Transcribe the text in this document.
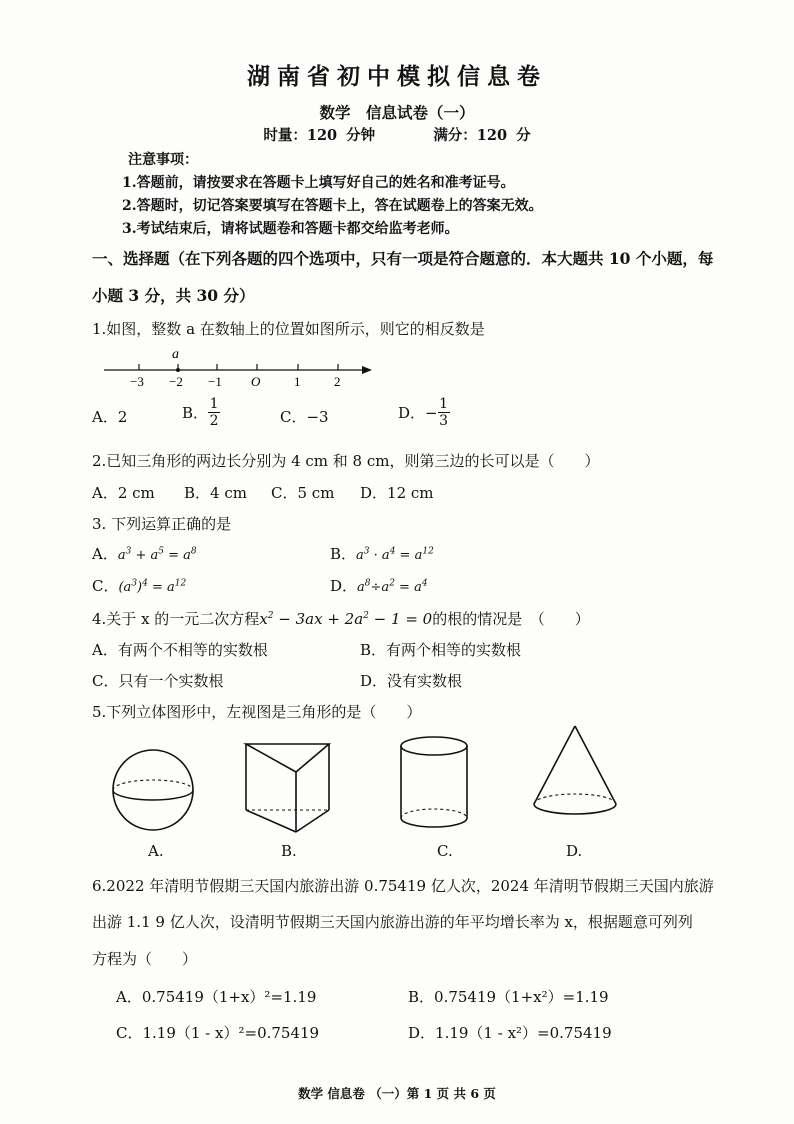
湖南省初中模拟信息卷
数学　信息试卷（一）
时量：120 分钟	满分：120 分
注意事项：
1.答题前，请按要求在答题卡上填写好自己的姓名和准考证号。
2.答题时，切记答案要填写在答题卡上，答在试题卷上的答案无效。
3.考试结束后，请将试题卷和答题卡都交给监考老师。
一、选择题（在下列各题的四个选项中，只有一项是符合题意的．本大题共 10 个小题，每
小题 3 分，共 30 分）
1.如图，整数 a 在数轴上的位置如图所示，则它的相反数是
a
−3 −2 −1 O	1	2
A．2	B． $\frac{1}{2}$	C．−3	D．− $\frac{1}{3}$
2.已知三角形的两边长分别为 4 cm 和 8 cm，则第三边的长可以是（　　）
A．2 cm B．4 cm C．5 cm D．12 cm
3. 下列运算正确的是
A．$a^3 + a^5 = a^8$	B．$a^3 \cdot a^4 = a^{12}$
C．$(a^3)^4 = a^{12}$	D．$a^8\div a^2 = a^4$
4.关于 x 的一元二次方程$x^2 - 3ax + 2a^2 - 1 = 0$的根的情况是　（　　）
A．有两个不相等的实数根	B．有两个相等的实数根
C．只有一个实数根	D．没有实数根
5.下列立体图形中，左视图是三角形的是（　　）
A.	B.	C.	D.
6.2022 年清明节假期三天国内旅游出游 0.75419 亿人次，2024 年清明节假期三天国内旅游
出游 1.1 9 亿人次，设清明节假期三天国内旅游出游的年平均增长率为 x，根据题意可列列
方程为（　　）
A．0.75419（1+x）²=1.19	B．0.75419（1+x²）=1.19
C．1.19（1 - x）²=0.75419	D．1.19（1 - x²）=0.75419
数学 信息卷 （一）第 1 页 共 6 页
